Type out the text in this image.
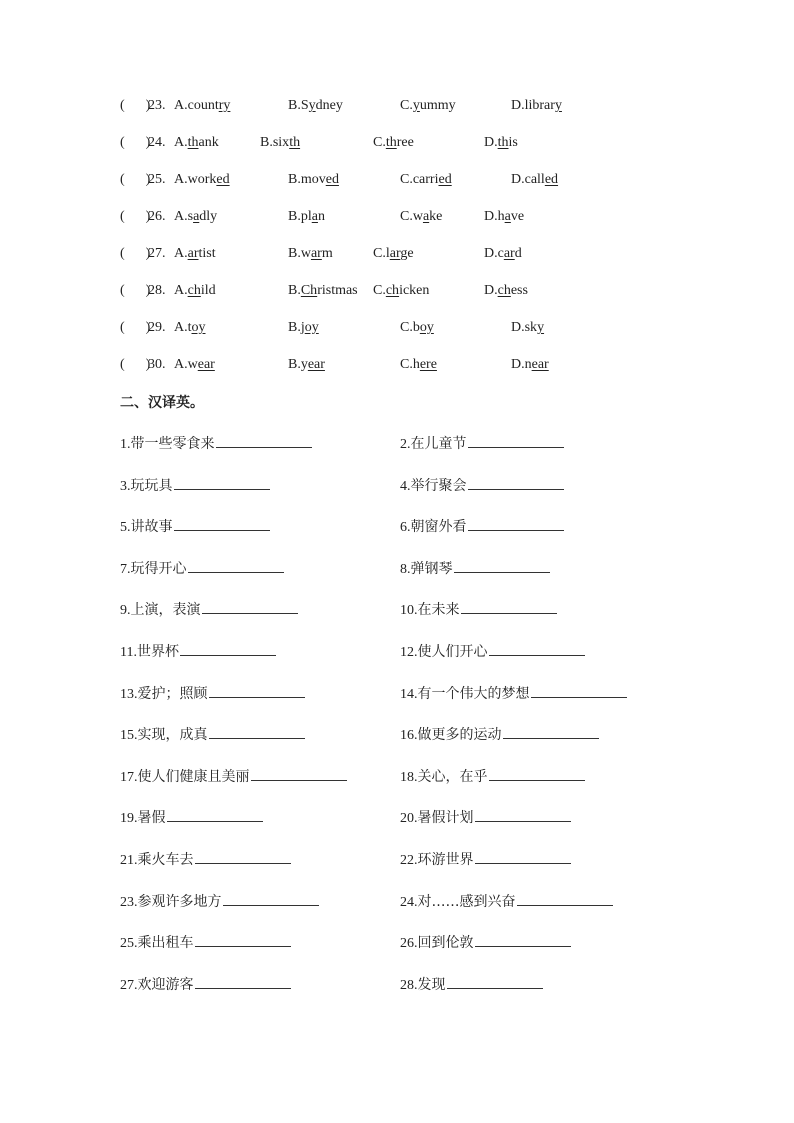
(      )
23. A.country	B.Sydney	C.yummy	D.library
(      )
24. A.thank	B.sixth	C.three	D.this
(      )
25. A.worked	B.moved	C.carried	D.called
(      )
26. A.sadly	B.plan	C.wake	D.have
(      )
27. A.artist	B.warm	C.large	D.card
(      )
28. A.child	B.Christmas C.chicken	D.chess
(      )
29. A.toy	B.joy	C.boy	D.sky
(      )
30. A.wear	B.year	C.here	D.near
二、汉译英。
1.带一些零食来	2.在儿童节
3.玩玩具	4.举行聚会
5.讲故事	6.朝窗外看
7.玩得开心	8.弹钢琴
9.上演，表演	10.在未来
11.世界杯	12.使人们开心
13.爱护；照顾	14.有一个伟大的梦想
15.实现，成真	16.做更多的运动
17.使人们健康且美丽	18.关心，在乎
19.暑假	20.暑假计划
21.乘火车去	22.环游世界
23.参观许多地方	24.对……感到兴奋
25.乘出租车	26.回到伦敦
27.欢迎游客	28.发现
